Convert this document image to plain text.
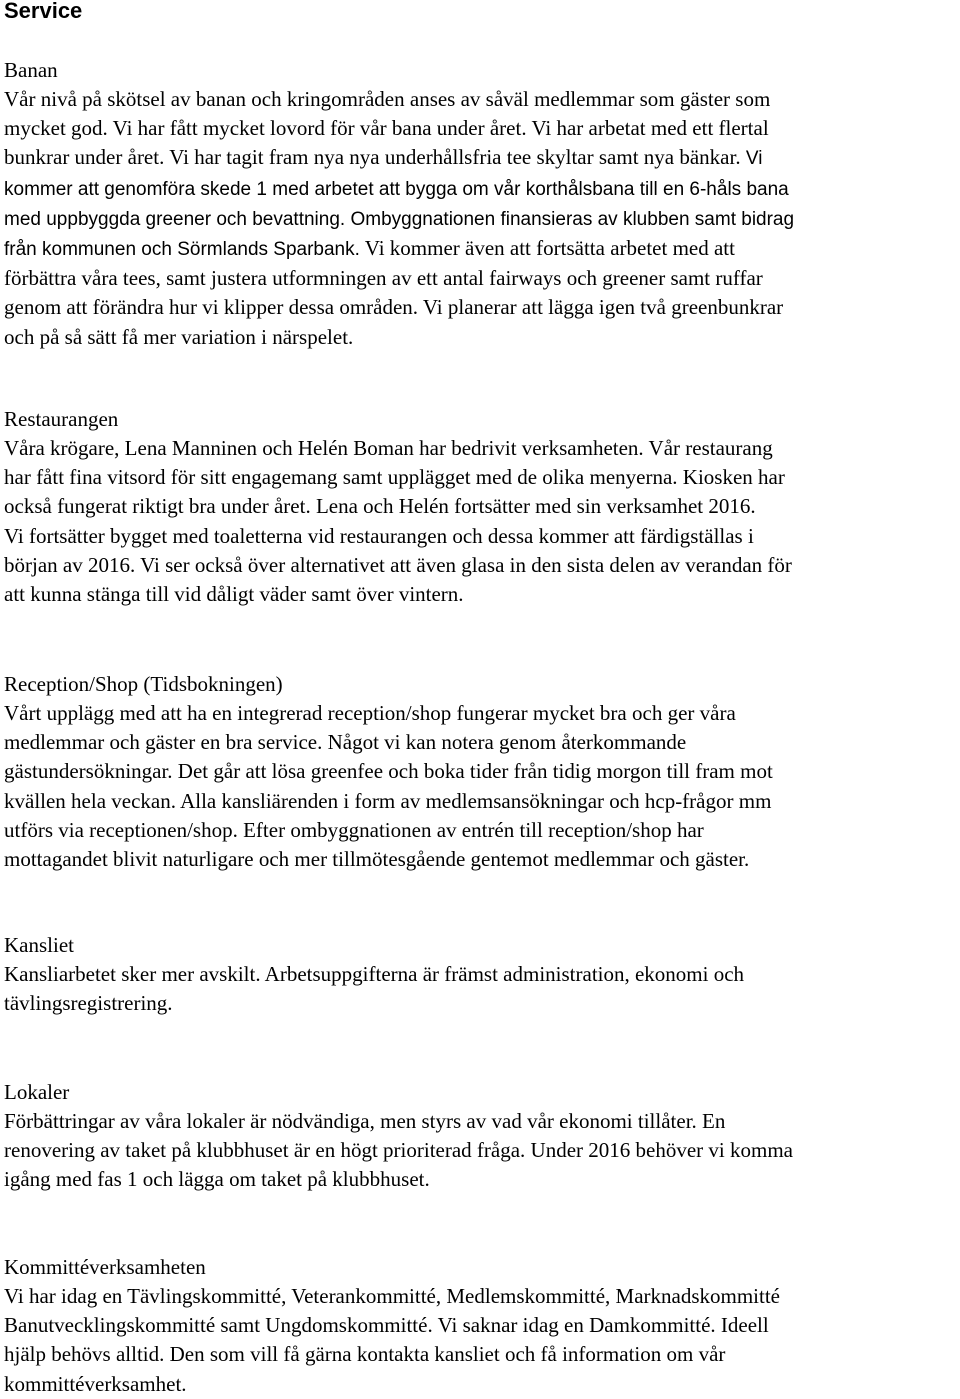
Service
Banan

Vår nivå på skötsel av banan och kringområden anses av såväl medlemmar som gäster som
mycket god. Vi har fått mycket lovord för vår bana under året. Vi har arbetat med ett flertal
bunkrar under året. Vi har tagit fram nya nya underhållsfria tee skyltar samt nya bänkar. Vi
kommer att genomföra skede 1 med arbetet att bygga om vår korthålsbana till en 6-håls bana
med uppbyggda greener och bevattning. Ombyggnationen finansieras av klubben samt bidrag
från kommunen och Sörmlands Sparbank. Vi kommer även att fortsätta arbetet med att
förbättra våra tees, samt justera utformningen av ett antal fairways och greener samt ruffar
genom att förändra hur vi klipper dessa områden. Vi planerar att lägga igen två greenbunkrar
och på så sätt få mer variation i närspelet.

Restaurangen

Våra krögare, Lena Manninen och Helén Boman har bedrivit verksamheten. Vår restaurang
har fått fina vitsord för sitt engagemang samt upplägget med de olika menyerna. Kiosken har
också fungerat riktigt bra under året. Lena och Helén fortsätter med sin verksamhet 2016.
Vi fortsätter bygget med toaletterna vid restaurangen och dessa kommer att färdigställas i
början av 2016. Vi ser också över alternativet att även glasa in den sista delen av verandan för
att kunna stänga till vid dåligt väder samt över vintern.

Reception/Shop (Tidsbokningen)

Vårt upplägg med att ha en integrerad reception/shop fungerar mycket bra och ger våra
medlemmar och gäster en bra service. Något vi kan notera genom återkommande
gästundersökningar. Det går att lösa greenfee och boka tider från tidig morgon till fram mot
kvällen hela veckan. Alla kansliärenden i form av medlemsansökningar och hcp-frågor mm
utförs via receptionen/shop. Efter ombyggnationen av entrén till reception/shop har
mottagandet blivit naturligare och mer tillmötesgående gentemot medlemmar och gäster.

Kansliet

Kansliarbetet sker mer avskilt. Arbetsuppgifterna är främst administration, ekonomi och
tävlingsregistrering.

Lokaler

Förbättringar av våra lokaler är nödvändiga, men styrs av vad vår ekonomi tillåter. En
renovering av taket på klubbhuset är en högt prioriterad fråga. Under 2016 behöver vi komma
igång med fas 1 och lägga om taket på klubbhuset.

Kommittéverksamheten

Vi har idag en Tävlingskommitté, Veterankommitté, Medlemskommitté, Marknadskommitté
Banutvecklingskommitté samt Ungdomskommitté. Vi saknar idag en Damkommitté. Ideell
hjälp behövs alltid. Den som vill få gärna kontakta kansliet och få information om vår
kommittéverksamhet.
